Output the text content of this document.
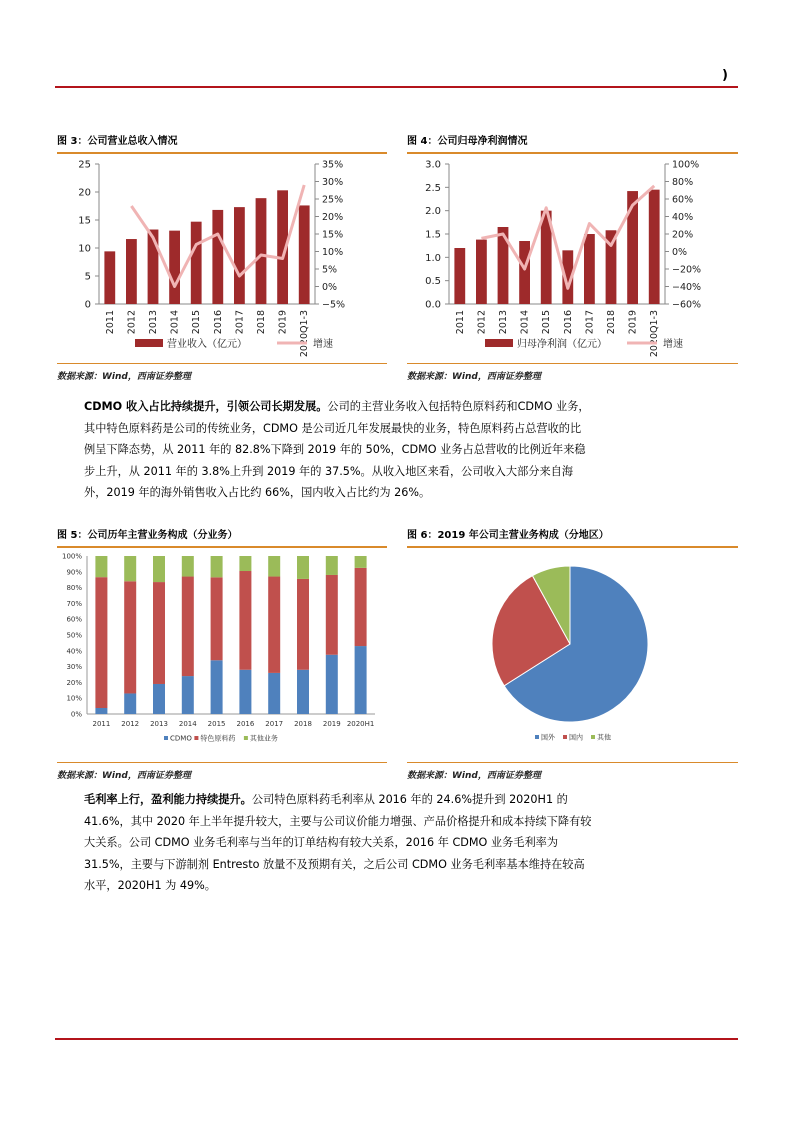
)
图 3：公司营业总收入情况
0
5
10
15
20
25
−5%
0%
5%
10%
15%
20%
25%
30%
35%
2011 2012 2013 2014 2015 2016 2017 2018 2019 2020Q1-3
营业收入（亿元）	增速
数据来源：Wind，西南证券整理
图 4：公司归母净利润情况
0.0
0.5
1.0
1.5
2.0
2.5
3.0
−60%
−40%
−20%
0%
20%
40%
60%
80%
100%
2011 2012 2013 2014 2015 2016 2017 2018 2019 2020Q1-3
归母净利润（亿元）	增速
数据来源：Wind，西南证券整理

CDMO 收入占比持续提升，引领公司长期发展。公司的主营业务收入包括特色原料药和CDMO 业务，其中特色原料药是公司的传统业务，CDMO 是公司近几年发展最快的业务，特色原料药占总营收的比例呈下降态势，从 2011 年的 82.8%下降到 2019 年的 50%，CDMO 业务占总营收的比例近年来稳步上升，从 2011 年的 3.8%上升到 2019 年的 37.5%。从收入地区来看，公司收入大部分来自海外，2019 年的海外销售收入占比约 66%，国内收入占比约为 26%。

图 5：公司历年主营业务构成（分业务）
0%
10%
20%
30%
40%
50%
60%
70%
80%
90%
100%
2011 2012 2013 2014 2015 2016 2017 2018 2019 2020H1
CDMO 特色原料药 其他业务
数据来源：Wind，西南证券整理
图 6：2019 年公司主营业务构成（分地区）
国外 国内 其他
数据来源：Wind，西南证券整理

毛利率上行，盈利能力持续提升。公司特色原料药毛利率从 2016 年的 24.6%提升到 2020H1 的 41.6%，其中 2020 年上半年提升较大，主要与公司议价能力增强、产品价格提升和成本持续下降有较大关系。公司 CDMO 业务毛利率与当年的订单结构有较大关系，2016 年 CDMO 业务毛利率为 31.5%，主要与下游制剂 Entresto 放量不及预期有关，之后公司 CDMO 业务毛利率基本维持在较高水平，2020H1 为 49%。
